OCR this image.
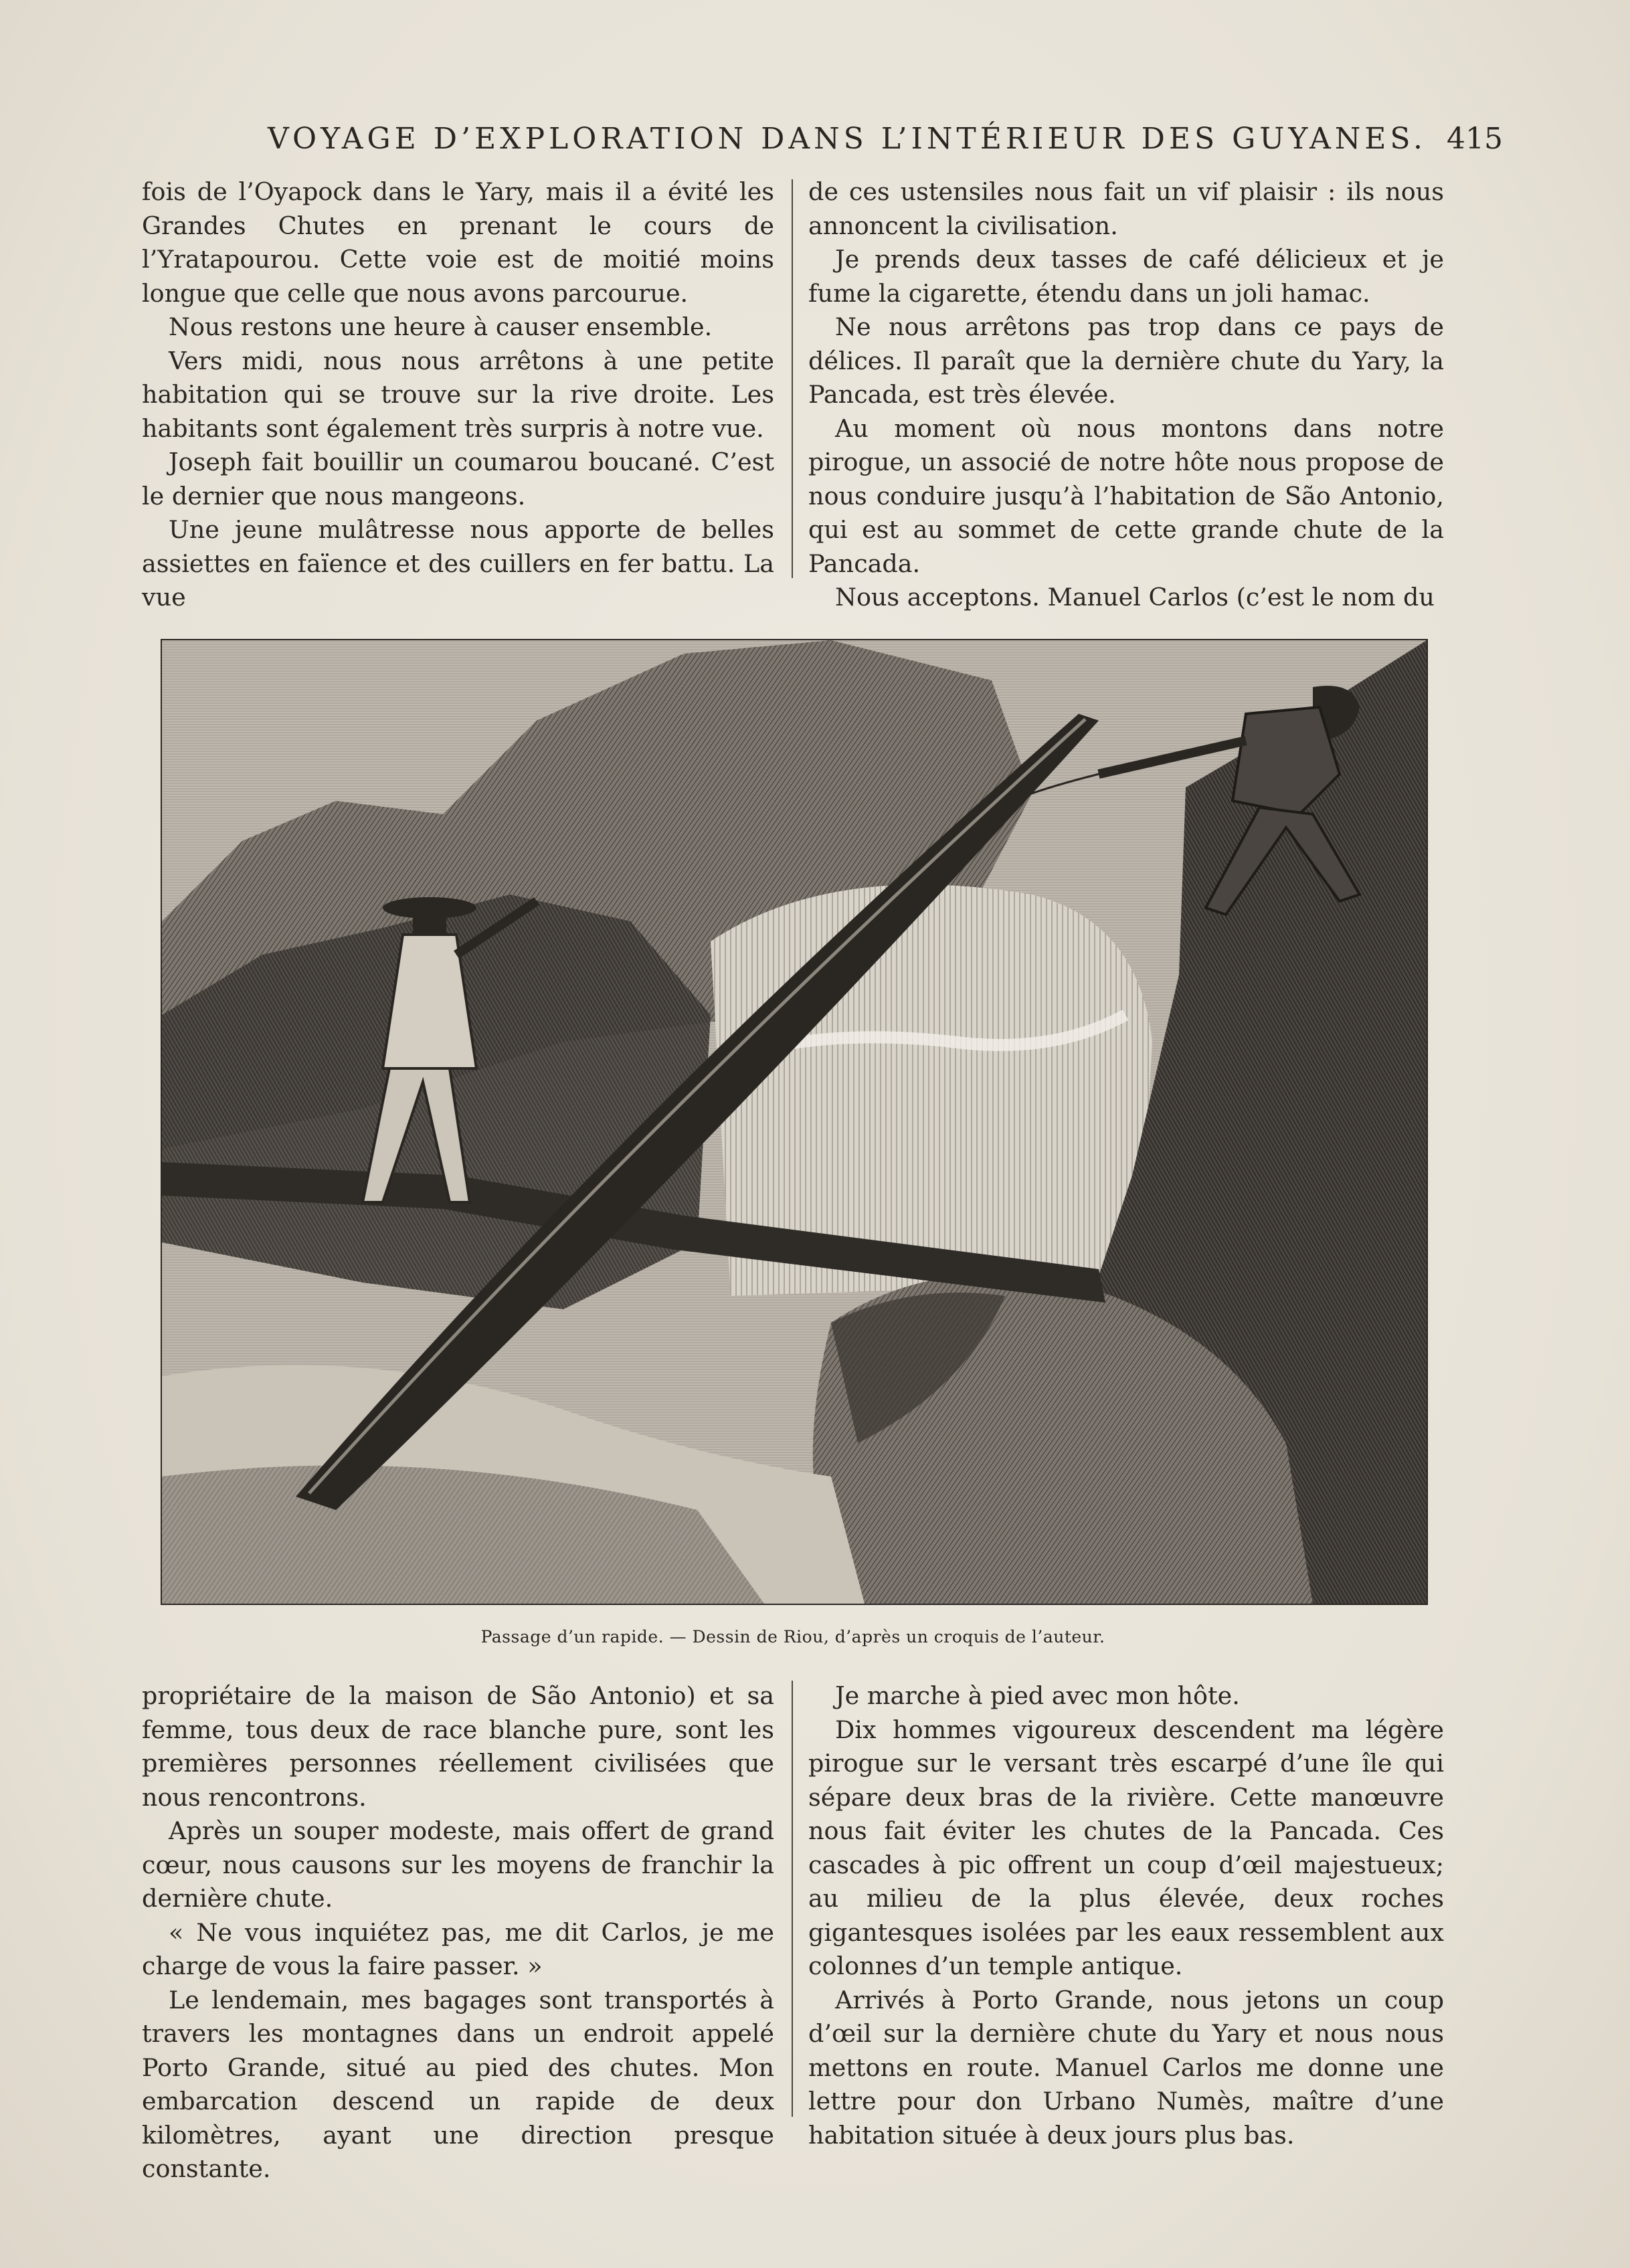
VOYAGE D’EXPLORATION DANS L’INTÉRIEUR DES GUYANES. 415

fois de l’Oyapock dans le Yary, mais il a évité les Grandes Chutes en prenant le cours de l’Yratapourou. Cette voie est de moitié moins longue que celle que nous avons parcourue.

Nous restons une heure à causer ensemble.

Vers midi, nous nous arrêtons à une petite habitation qui se trouve sur la rive droite. Les habitants sont également très surpris à notre vue.

Joseph fait bouillir un coumarou boucané. C’est le dernier que nous mangeons.

Une jeune mulâtresse nous apporte de belles assiettes en faïence et des cuillers en fer battu. La vue

de ces ustensiles nous fait un vif plaisir : ils nous annoncent la civilisation.

Je prends deux tasses de café délicieux et je fume la cigarette, étendu dans un joli hamac.

Ne nous arrêtons pas trop dans ce pays de délices. Il paraît que la dernière chute du Yary, la Pancada, est très élevée.

Au moment où nous montons dans notre pirogue, un associé de notre hôte nous propose de nous conduire jusqu’à l’habitation de São Antonio, qui est au sommet de cette grande chute de la Pancada.

Nous acceptons. Manuel Carlos (c’est le nom du

Passage d’un rapide. — Dessin de Riou, d’après un croquis de l’auteur.

propriétaire de la maison de São Antonio) et sa femme, tous deux de race blanche pure, sont les premières personnes réellement civilisées que nous rencontrons.

Après un souper modeste, mais offert de grand cœur, nous causons sur les moyens de franchir la dernière chute.

« Ne vous inquiétez pas, me dit Carlos, je me charge de vous la faire passer. »

Le lendemain, mes bagages sont transportés à travers les montagnes dans un endroit appelé Porto Grande, situé au pied des chutes. Mon embarcation descend un rapide de deux kilomètres, ayant une direction presque constante.

Je marche à pied avec mon hôte.

Dix hommes vigoureux descendent ma légère pirogue sur le versant très escarpé d’une île qui sépare deux bras de la rivière. Cette manœuvre nous fait éviter les chutes de la Pancada. Ces cascades à pic offrent un coup d’œil majestueux; au milieu de la plus élevée, deux roches gigantesques isolées par les eaux ressemblent aux colonnes d’un temple antique.

Arrivés à Porto Grande, nous jetons un coup d’œil sur la dernière chute du Yary et nous nous mettons en route. Manuel Carlos me donne une lettre pour don Urbano Numès, maître d’une habitation située à deux jours plus bas.
